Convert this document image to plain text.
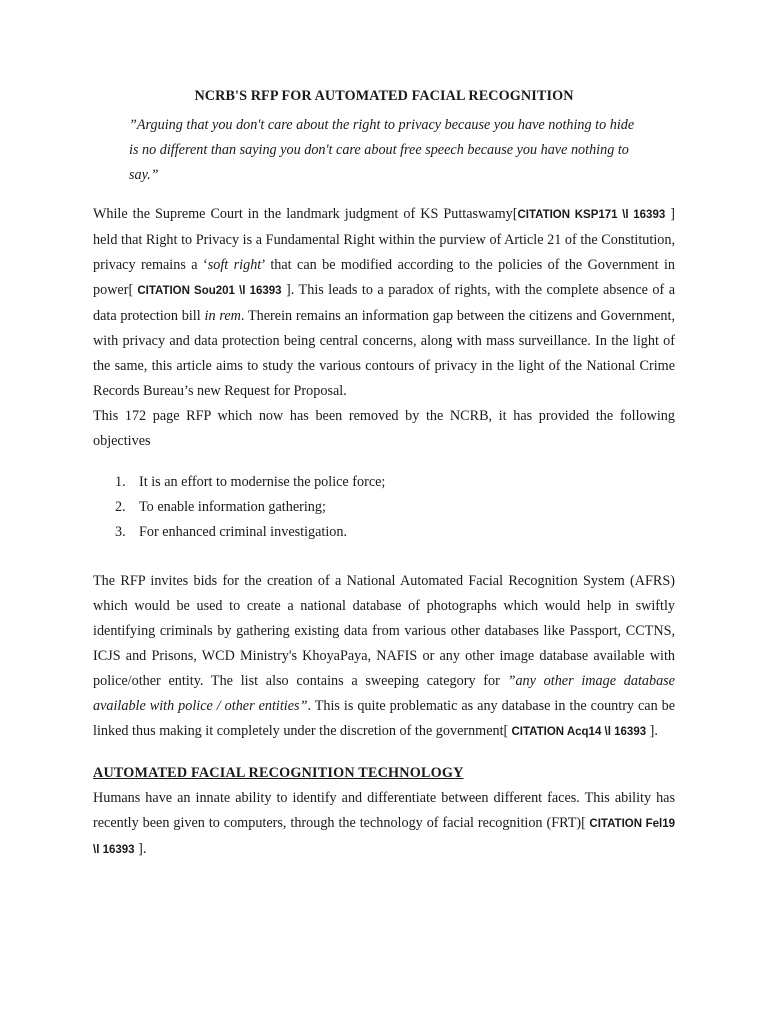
NCRB'S RFP FOR AUTOMATED FACIAL RECOGNITION
”Arguing that you don't care about the right to privacy because you have nothing to hide is no different than saying you don't care about free speech because you have nothing to say.”

While the Supreme Court in the landmark judgment of KS Puttaswamy[CITATION KSP171 \l 16393 ] held that Right to Privacy is a Fundamental Right within the purview of Article 21 of the Constitution, privacy remains a ‘soft right’ that can be modified according to the policies of the Government in power[ CITATION Sou201 \l 16393 ]. This leads to a paradox of rights, with the complete absence of a data protection bill in rem. Therein remains an information gap between the citizens and Government, with privacy and data protection being central concerns, along with mass surveillance. In the light of the same, this article aims to study the various contours of privacy in the light of the National Crime Records Bureau’s new Request for Proposal.

This 172 page RFP which now has been removed by the NCRB, it has provided the following objectives

1. It is an effort to modernise the police force;
2. To enable information gathering;
3. For enhanced criminal investigation.

The RFP invites bids for the creation of a National Automated Facial Recognition System (AFRS) which would be used to create a national database of photographs which would help in swiftly identifying criminals by gathering existing data from various other databases like Passport, CCTNS, ICJS and Prisons, WCD Ministry's KhoyaPaya, NAFIS or any other image database available with police/other entity. The list also contains a sweeping category for ”any other image database available with police / other entities”. This is quite problematic as any database in the country can be linked thus making it completely under the discretion of the government[ CITATION Acq14 \l 16393 ].

AUTOMATED FACIAL RECOGNITION TECHNOLOGY

Humans have an innate ability to identify and differentiate between different faces. This ability has recently been given to computers, through the technology of facial recognition (FRT)[ CITATION Fel19 \l 16393 ].
